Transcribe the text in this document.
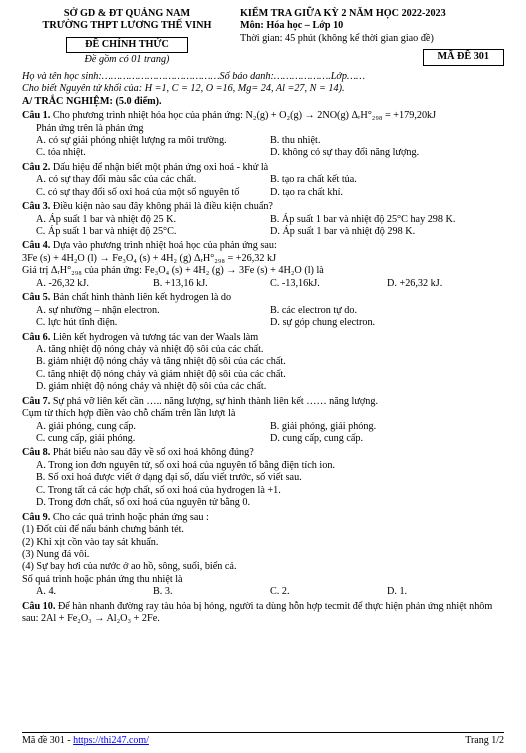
SỞ GD & ĐT QUẢNG NAM
TRƯỜNG THPT LƯƠNG THẾ VINH
ĐỀ CHÍNH THỨC
Đề gồm có 01 trang)
KIỂM TRA GIỮA KỲ 2 NĂM HỌC 2022-2023
Môn: Hóa học – Lớp 10
Thời gian: 45 phút (không kể thời gian giao đề)
MÃ ĐỀ 301
Họ và tên học sinh:…………………………………Số báo danh:……………….Lớp……
Cho biết Nguyên tử khối của: H =1, C = 12, O =16, Mg= 24, Al =27, N = 14).
A/ TRẮC NGHIỆM: (5.0 điểm).
Câu 1. Cho phương trình nhiệt hóa học của phản ứng: N₂(g) + O₂(g) → 2NO(g) ΔᵣH°₂₉₈ = +179,20kJ
Phản ứng trên là phản ứng
A. có sự giải phóng nhiệt lượng ra môi trường.	B. thu nhiệt.
C. tỏa nhiệt.	D. không có sự thay đổi năng lượng.
Câu 2. Dấu hiệu để nhận biết một phản ứng oxi hoá - khử là
A. có sự thay đổi màu sắc của các chất.	B. tạo ra chất kết tủa.
C. có sự thay đổi số oxi hoá của một số nguyên tố	D. tạo ra chất khí.
Câu 3. Điều kiện nào sau đây không phải là điều kiện chuẩn?
A. Áp suất 1 bar và nhiệt độ 25 K.	B. Áp suất 1 bar và nhiệt độ 25°C hay 298 K.
C. Áp suất 1 bar và nhiệt độ 25°C.	D. Áp suất 1 bar và nhiệt độ 298 K.
Câu 4. Dựa vào phương trình nhiệt hoá học của phản ứng sau:
3Fe (s) + 4H₂O (l) → Fe₃O₄ (s) + 4H₂ (g) ΔᵣH°₂₉₈ = +26,32 kJ
Giá trị ΔᵣH°₂₉₈ của phản ứng: Fe₃O₄ (s) + 4H₂ (g) → 3Fe (s) + 4H₂O (l) là
A. -26,32 kJ.	B. +13,16 kJ.	C. -13,16kJ.	D. +26,32 kJ.
Câu 5. Bản chất hình thành liên kết hydrogen là do
A. sự nhường – nhận electron.	B. các electron tự do.
C. lực hút tĩnh điện.	D. sự góp chung electron.
Câu 6. Liên kết hydrogen và tương tác van der Waals làm
A. tăng nhiệt độ nóng chảy và nhiệt độ sôi của các chất.
B. giảm nhiệt độ nóng chảy và tăng nhiệt độ sôi của các chất.
C. tăng nhiệt độ nóng chảy và giảm nhiệt độ sôi của các chất.
D. giảm nhiệt độ nóng chảy và nhiệt độ sôi của các chất.
Câu 7. Sự phá vỡ liên kết cần ….. năng lượng, sự hình thành liên kết …… năng lượng.
Cụm từ thích hợp điền vào chỗ chấm trên lần lượt là
A. giải phóng, cung cấp.	B. giải phóng, giải phóng.
C. cung cấp, giải phóng.	D. cung cấp, cung cấp.
Câu 8. Phát biểu nào sau đây về số oxi hoá không đúng?
A. Trong ion đơn nguyên tử, số oxi hoá của nguyên tố bằng điện tích ion.
B. Số oxi hoá được viết ở dạng đại số, dấu viết trước, số viết sau.
C. Trong tất cả các hợp chất, số oxi hoá của hydrogen là +1.
D. Trong đơn chất, số oxi hoá của nguyên tử bằng 0.
Câu 9. Cho các quá trình hoặc phản ứng sau :
(1) Đốt cùi để nấu bánh chưng bánh tét.
(2) Khi xịt cồn vào tay sát khuẩn.
(3) Nung đá vôi.
(4) Sự bay hơi của nước ở ao hồ, sông, suối, biển cả.
Số quá trình hoặc phản ứng thu nhiệt là
A. 4.	B. 3.	C. 2.	D. 1.
Câu 10. Để hàn nhanh đường ray tàu hỏa bị hỏng, người ta dùng hỗn hợp tecmit để thực hiện phản ứng nhiệt nhôm sau: 2Al + Fe₂O₃ → Al₂O₃ + 2Fe.
Mã đề 301 - https://thi247.com/	Trang 1/2
